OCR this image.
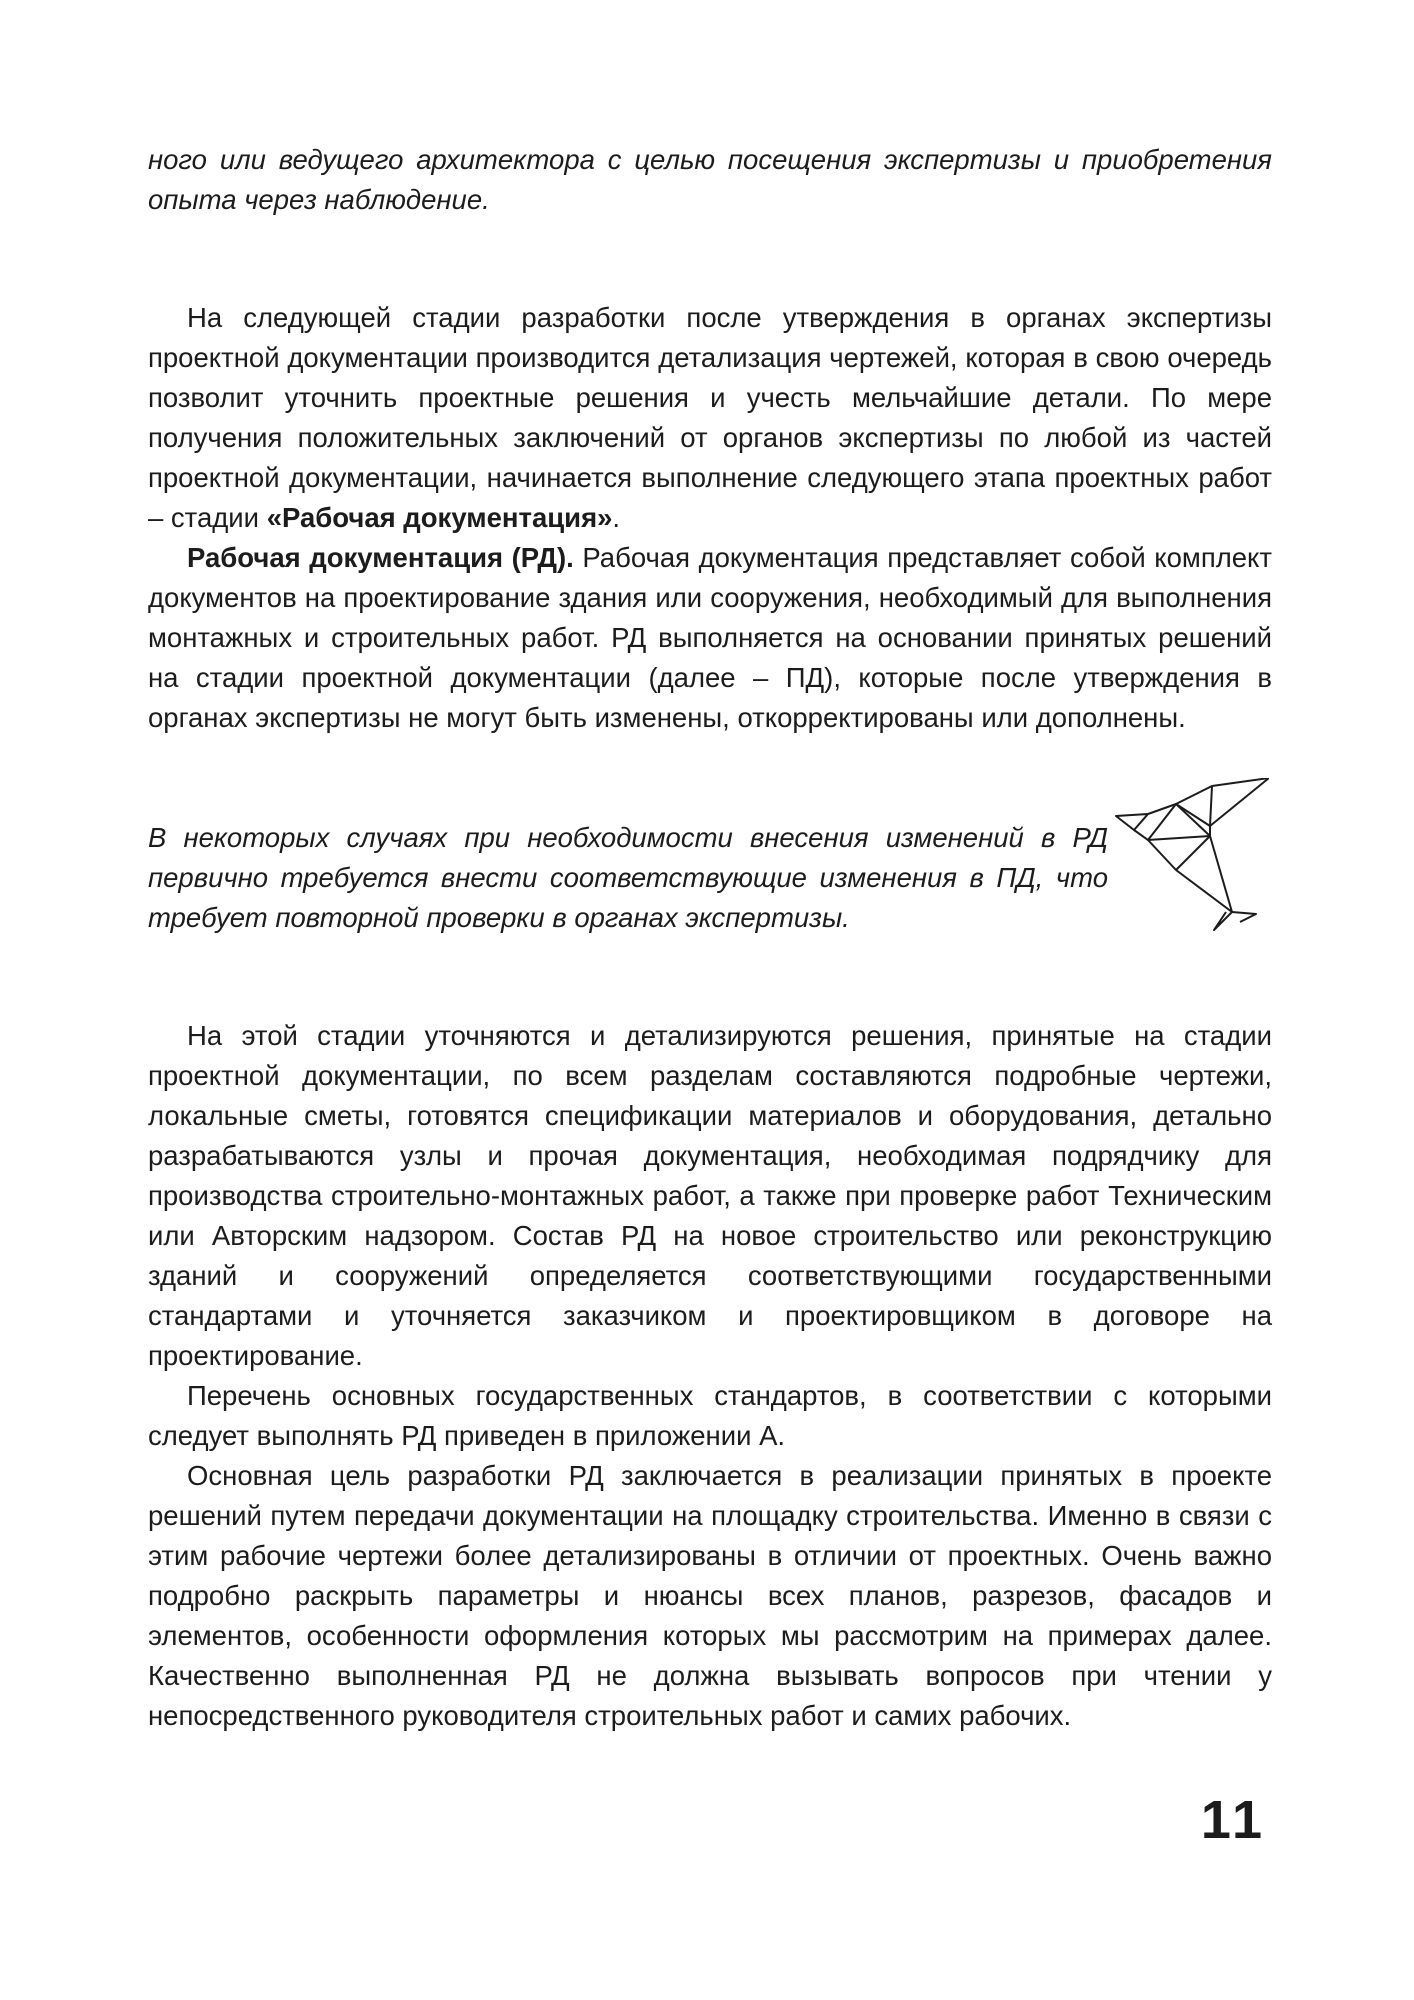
ного или ведущего архитектора с целью посещения экспертизы и приобретения опыта через наблюдение.

На следующей стадии разработки после утверждения в органах экспертизы проектной документации производится детализация чертежей, которая в свою очередь позволит уточнить проектные решения и учесть мельчайшие детали. По мере получения положительных заключений от органов экспертизы по любой из частей проектной документации, начинается выполнение следующего этапа проектных работ – стадии «Рабочая документация».

Рабочая документация (РД). Рабочая документация представляет собой комплект документов на проектирование здания или сооружения, необходимый для выполнения монтажных и строительных работ. РД выполняется на основании принятых решений на стадии проектной документации (далее – ПД), которые после утверждения в органах экспертизы не могут быть изменены, откорректированы или дополнены.

В некоторых случаях при необходимости внесения изменений в РД первично требуется внести соответствующие изменения в ПД, что требует повторной проверки в органах экспертизы.

На этой стадии уточняются и детализируются решения, принятые на стадии проектной документации, по всем разделам составляются подробные чертежи, локальные сметы, готовятся спецификации материалов и оборудования, детально разрабатываются узлы и прочая документация, необходимая подрядчику для производства строительно-монтажных работ, а также при проверке работ Техническим или Авторским надзором. Состав РД на новое строительство или реконструкцию зданий и сооружений определяется соответствующими государственными стандартами и уточняется заказчиком и проектировщиком в договоре на проектирование.

Перечень основных государственных стандартов, в соответствии с которыми следует выполнять РД приведен в приложении А.

Основная цель разработки РД заключается в реализации принятых в проекте решений путем передачи документации на площадку строительства. Именно в связи с этим рабочие чертежи более детализированы в отличии от проектных. Очень важно подробно раскрыть параметры и нюансы всех планов, разрезов, фасадов и элементов, особенности оформления которых мы рассмотрим на примерах далее. Качественно выполненная РД не должна вызывать вопросов при чтении у непосредственного руководителя строительных работ и самих рабочих.

11
